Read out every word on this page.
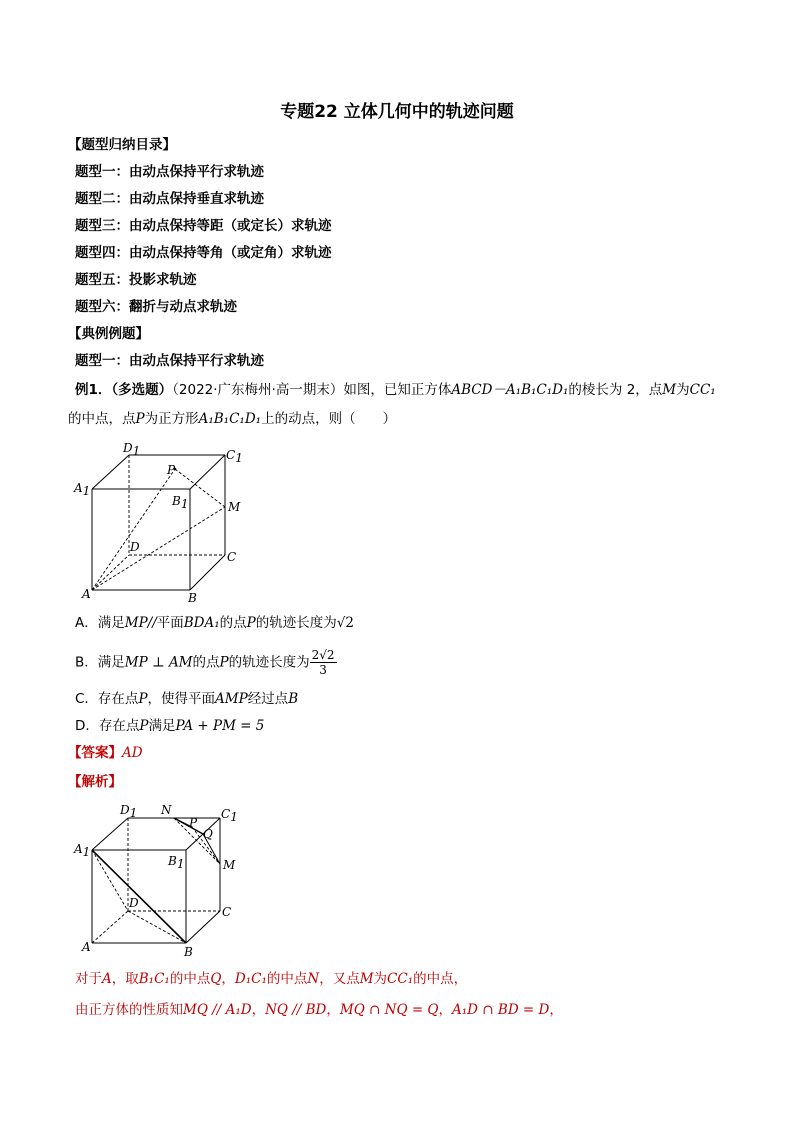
专题22 立体几何中的轨迹问题
【题型归纳目录】
题型一：由动点保持平行求轨迹
题型二：由动点保持垂直求轨迹
题型三：由动点保持等距（或定长）求轨迹
题型四：由动点保持等角（或定角）求轨迹
题型五：投影求轨迹
题型六：翻折与动点求轨迹
【典例例题】
题型一：由动点保持平行求轨迹
例1．（多选题）（2022·广东梅州·高一期末）如图，已知正方体ABCD－A₁B₁C₁D₁的棱长为 2，点M为CC₁
的中点，点P为正方形A₁B₁C₁D₁上的动点，则（　　）
D1	C1
A1
B1
P
M
D
C
A	B
A．满足MP//平面BDA₁的点P的轨迹长度为√2
B．满足MP ⊥ AM的点P的轨迹长度为 $\frac{2√2}{3}$
C．存在点P，使得平面AMP经过点B
D．存在点P满足PA + PM = 5
【答案】AD
【解析】
D1 N	C1
P
Q
A1
B1	M
D
C
A	B
对于A，取B₁C₁的中点Q，D₁C₁的中点N，又点M为CC₁的中点，
由正方体的性质知MQ // A₁D，NQ // BD，MQ ∩ NQ = Q，A₁D ∩ BD = D，
